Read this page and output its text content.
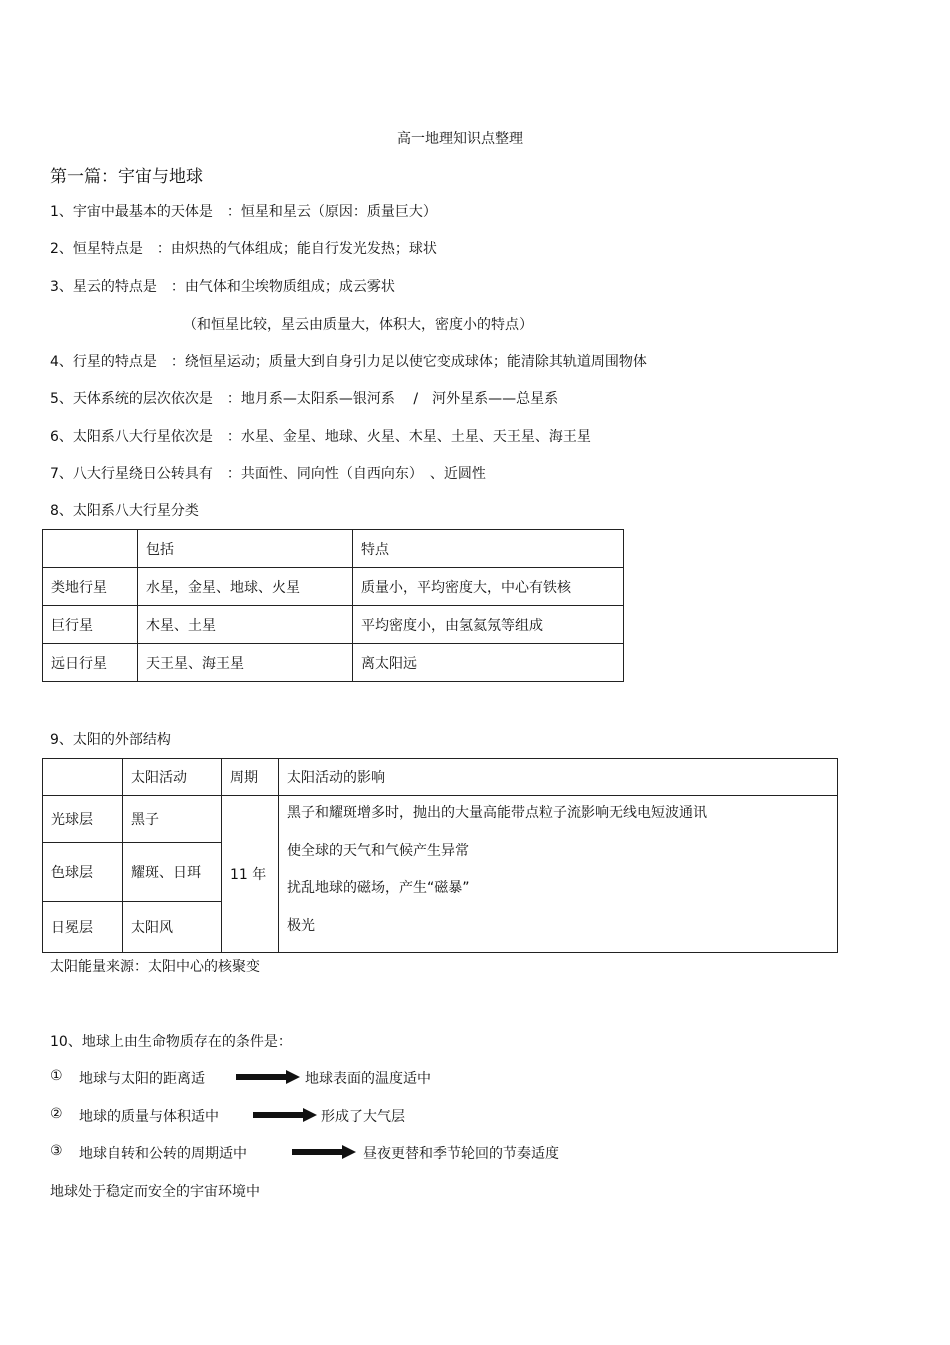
高一地理知识点整理
第一篇：宇宙与地球
1、宇宙中最基本的天体是　：恒星和星云（原因：质量巨大）
2、恒星特点是　：由炽热的气体组成；能自行发光发热；球状
3、星云的特点是　：由气体和尘埃物质组成；成云雾状
（和恒星比较，星云由质量大，体积大，密度小的特点）
4、行星的特点是　：绕恒星运动；质量大到自身引力足以使它变成球体；能清除其轨道周围物体
5、天体系统的层次依次是　：地月系—太阳系—银河系　 /　河外星系——总星系
6、太阳系八大行星依次是　：水星、金星、地球、火星、木星、土星、天王星、海王星
7、八大行星绕日公转具有　：共面性、同向性（自西向东）　、近圆性
8、太阳系八大行星分类
	包括	特点
类地行星	水星，金星、地球、火星	质量小，平均密度大，中心有铁核
巨行星	木星、土星	平均密度小，由氢氦氖等组成
远日行星	天王星、海王星	离太阳远
9、太阳的外部结构
	太阳活动	周期	太阳活动的影响
光球层	黑子	11 年	黑子和耀斑增多时，抛出的大量高能带点粒子流影响无线电短波通讯
使全球的天气和气候产生异常
扰乱地球的磁场，产生“磁暴”
极光

色球层	耀斑、日珥		
日冕层	太阳风		
太阳能量来源：太阳中心的核聚变
10、地球上由生命物质存在的条件是：
① 地球与太阳的距离适	地球表面的温度适中
② 地球的质量与体积适中	形成了大气层
③ 地球自转和公转的周期适中	昼夜更替和季节轮回的节奏适度
地球处于稳定而安全的宇宙环境中
